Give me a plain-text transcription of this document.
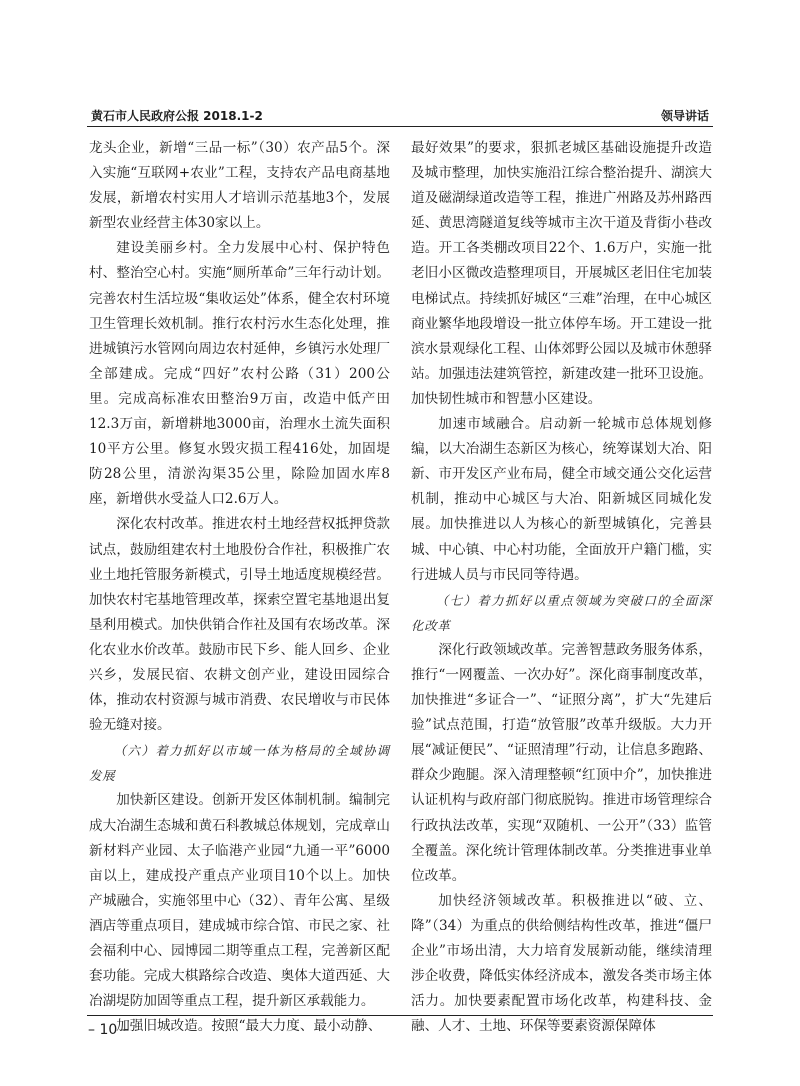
黄石市人民政府公报 2018.1-2	领导讲话

龙头企业，新增“三品一标”（30）农产品5个。深入实施“互联网+农业”工程，支持农产品电商基地发展，新增农村实用人才培训示范基地3个，发展新型农业经营主体30家以上。

建设美丽乡村。全力发展中心村、保护特色村、整治空心村。实施“厕所革命”三年行动计划。完善农村生活垃圾“集收运处”体系，健全农村环境卫生管理长效机制。推行农村污水生态化处理，推进城镇污水管网向周边农村延伸，乡镇污水处理厂全部建成。完成“四好”农村公路（31）200公里。完成高标准农田整治9万亩，改造中低产田12.3万亩，新增耕地3000亩，治理水土流失面积10平方公里。修复水毁灾损工程416处，加固堤防28公里，清淤沟渠35公里，除险加固水库8座，新增供水受益人口2.6万人。

深化农村改革。推进农村土地经营权抵押贷款试点，鼓励组建农村土地股份合作社，积极推广农业土地托管服务新模式，引导土地适度规模经营。加快农村宅基地管理改革，探索空置宅基地退出复垦利用模式。加快供销合作社及国有农场改革。深化农业水价改革。鼓励市民下乡、能人回乡、企业兴乡，发展民宿、农耕文创产业，建设田园综合体，推动农村资源与城市消费、农民增收与市民体验无缝对接。

（六）着力抓好以市域一体为格局的全域协调发展

加快新区建设。创新开发区体制机制。编制完成大冶湖生态城和黄石科教城总体规划，完成章山新材料产业园、太子临港产业园“九通一平”6000亩以上，建成投产重点产业项目10个以上。加快产城融合，实施邻里中心（32）、青年公寓、星级酒店等重点项目，建成城市综合馆、市民之家、社会福利中心、园博园二期等重点工程，完善新区配套功能。完成大棋路综合改造、奥体大道西延、大冶湖堤防加固等重点工程，提升新区承载能力。

加强旧城改造。按照“最大力度、最小动静、

最好效果”的要求，狠抓老城区基础设施提升改造及城市整理，加快实施沿江综合整治提升、湖滨大道及磁湖绿道改造等工程，推进广州路及苏州路西延、黄思湾隧道复线等城市主次干道及背街小巷改造。开工各类棚改项目22个、1.6万户，实施一批老旧小区微改造整理项目，开展城区老旧住宅加装电梯试点。持续抓好城区“三难”治理，在中心城区商业繁华地段增设一批立体停车场。开工建设一批滨水景观绿化工程、山体郊野公园以及城市休憩驿站。加强违法建筑管控，新建改建一批环卫设施。加快韧性城市和智慧小区建设。

加速市域融合。启动新一轮城市总体规划修编，以大冶湖生态新区为核心，统筹谋划大冶、阳新、市开发区产业布局，健全市域交通公交化运营机制，推动中心城区与大冶、阳新城区同城化发展。加快推进以人为核心的新型城镇化，完善县城、中心镇、中心村功能，全面放开户籍门槛，实行进城人员与市民同等待遇。

（七）着力抓好以重点领域为突破口的全面深化改革

深化行政领域改革。完善智慧政务服务体系，推行“一网覆盖、一次办好”。深化商事制度改革，加快推进“多证合一”、“证照分离”，扩大“先建后验”试点范围，打造“放管服”改革升级版。大力开展“减证便民”、“证照清理”行动，让信息多跑路、群众少跑腿。深入清理整顿“红顶中介”，加快推进认证机构与政府部门彻底脱钩。推进市场管理综合行政执法改革，实现“双随机、一公开”（33）监管全覆盖。深化统计管理体制改革。分类推进事业单位改革。

加快经济领域改革。积极推进以“破、立、降”（34）为重点的供给侧结构性改革，推进“僵尸企业”市场出清，大力培育发展新动能，继续清理涉企收费，降低实体经济成本，激发各类市场主体活力。加快要素配置市场化改革，构建科技、金融、人才、土地、环保等要素资源保障体

– 10 –
